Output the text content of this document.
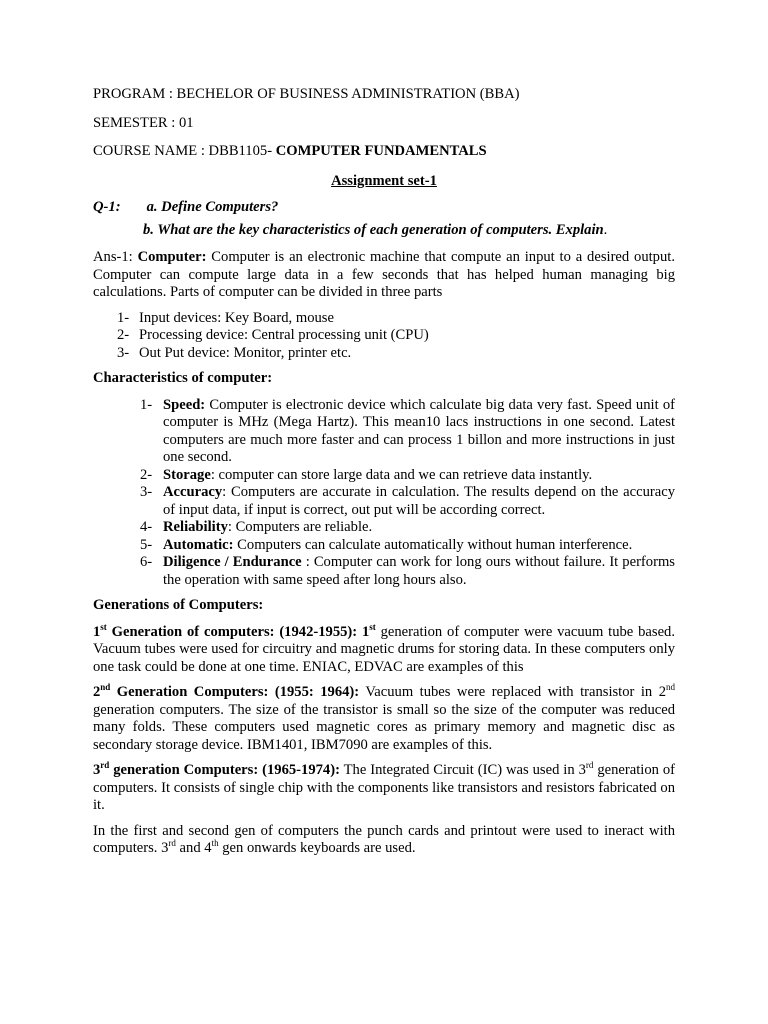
PROGRAM : BECHELOR OF BUSINESS ADMINISTRATION (BBA)
SEMESTER : 01
COURSE NAME : DBB1105- COMPUTER FUNDAMENTALS
Assignment set-1
Q-1: a. Define Computers?
b. What are the key characteristics of each generation of computers. Explain.

Ans-1: Computer: Computer is an electronic machine that compute an input to a desired output. Computer can compute large data in a few seconds that has helped human managing big calculations. Parts of computer can be divided in three parts

1- Input devices: Key Board, mouse
2- Processing device: Central processing unit (CPU)
3- Out Put device: Monitor, printer etc.
Characteristics of computer:
1- Speed: Computer is electronic device which calculate big data very fast. Speed unit of computer is MHz (Mega Hartz). This mean10 lacs instructions in one second. Latest computers are much more faster and can process 1 billon and more instructions in just one second.
2- Storage: computer can store large data and we can retrieve data instantly.
3- Accuracy: Computers are accurate in calculation. The results depend on the accuracy of input data, if input is correct, out put will be according correct.
4- Reliability: Computers are reliable.
5- Automatic: Computers can calculate automatically without human interference.
6- Diligence / Endurance : Computer can work for long ours without failure. It performs the operation with same speed after long hours also.
Generations of Computers:

1st Generation of computers: (1942-1955): 1st generation of computer were vacuum tube based. Vacuum tubes were used for circuitry and magnetic drums for storing data. In these computers only one task could be done at one time. ENIAC, EDVAC are examples of this

2nd Generation Computers: (1955: 1964): Vacuum tubes were replaced with transistor in 2nd generation computers. The size of the transistor is small so the size of the computer was reduced many folds. These computers used magnetic cores as primary memory and magnetic disc as secondary storage device. IBM1401, IBM7090 are examples of this.

3rd generation Computers: (1965-1974): The Integrated Circuit (IC) was used in 3rd generation of computers. It consists of single chip with the components like transistors and resistors fabricated on it.

In the first and second gen of computers the punch cards and printout were used to ineract with computers. 3rd and 4th gen onwards keyboards are used.
